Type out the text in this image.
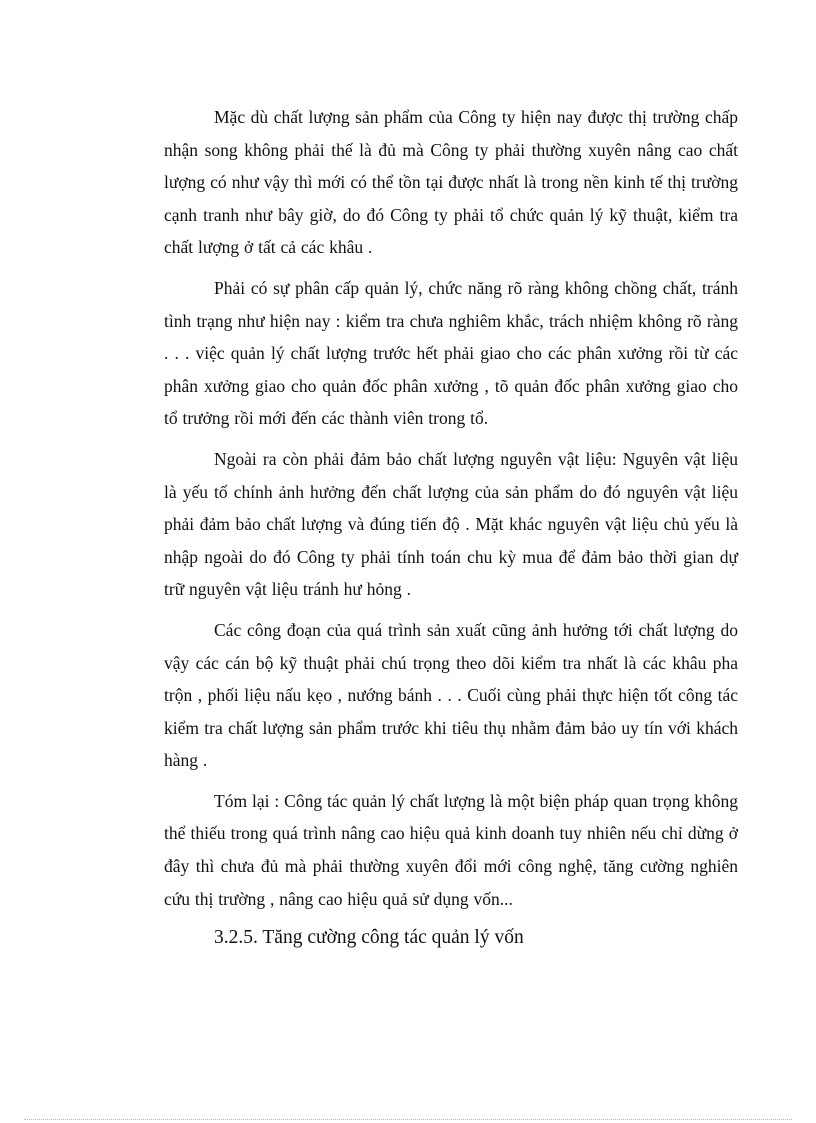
Mặc dù chất lượng sản phẩm của Công ty hiện nay được thị trường chấp nhận song không phải thế là đủ mà Công ty phải thường xuyên nâng cao chất lượng có như vậy thì mới có thể tồn tại được nhất là trong nền kinh tế thị trường cạnh tranh như bây giờ, do đó Công ty phải tổ chức quản lý kỹ thuật, kiểm tra chất lượng ở tất cả các khâu .

Phải có sự phân cấp quản lý, chức năng rõ ràng không chồng chất, tránh tình trạng như hiện nay : kiểm tra chưa nghiêm khắc, trách nhiệm không rõ ràng . . . việc quản lý chất lượng trước hết phải giao cho các phân xưởng rồi từ các phân xưởng giao cho quản đốc phân xưởng , tõ quản đốc phân xưởng giao cho tổ trưởng rồi mới đến các thành viên trong tổ.

Ngoài ra còn phải đảm bảo chất lượng nguyên vật liệu: Nguyên vật liệu là yếu tố chính ảnh hưởng đến chất lượng của sản phẩm do đó nguyên vật liệu phải đảm bảo chất lượng và đúng tiến độ . Mặt khác nguyên vật liệu chủ yếu là nhập ngoài do đó Công ty phải tính toán chu kỳ mua để đảm bảo thời gian dự trữ nguyên vật liệu tránh hư hỏng .

Các công đoạn của quá trình sản xuất cũng ảnh hưởng tới chất lượng do vậy các cán bộ kỹ thuật phải chú trọng theo dõi kiểm tra nhất là các khâu pha trộn , phối liệu nấu kẹo , nướng bánh . . . Cuối cùng phải thực hiện tốt công tác kiểm tra chất lượng sản phẩm trước khi tiêu thụ nhằm đảm bảo uy tín với khách hàng .

Tóm lại : Công tác quản lý chất lượng là một biện pháp quan trọng không thể thiếu trong quá trình nâng cao hiệu quả kinh doanh tuy nhiên nếu chỉ dừng ở đây thì chưa đủ mà phải thường xuyên đổi mới công nghệ, tăng cường nghiên cứu thị trường , nâng cao hiệu quả sử dụng vốn...

3.2.5. Tăng cường công tác quản lý vốn
